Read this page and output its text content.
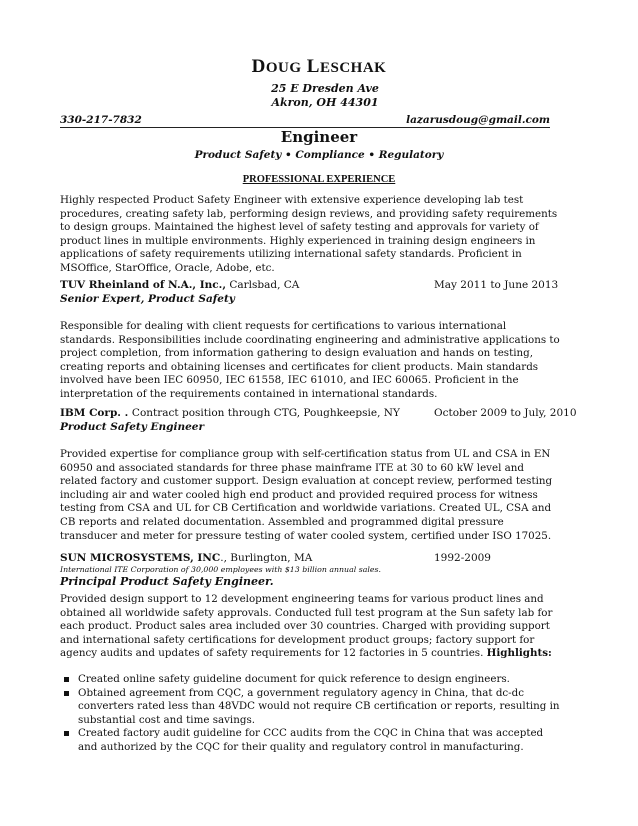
DOUG LESCHAK
25 E Dresden Ave
Akron, OH 44301
330-217-7832	lazarusdoug@gmail.com
Engineer
Product Safety • Compliance • Regulatory
PROFESSIONAL EXPERIENCE

Highly respected Product Safety Engineer with extensive experience developing lab test procedures, creating safety lab, performing design reviews, and providing safety requirements to design groups. Maintained the highest level of safety testing and approvals for variety of product lines in multiple environments. Highly experienced in training design engineers in applications of safety requirements utilizing international safety standards. Proficient in MSOffice, StarOffice, Oracle, Adobe, etc.

TUV Rheinland of N.A., Inc., Carlsbad, CA	May 2011 to June 2013
Senior Expert, Product Safety

Responsible for dealing with client requests for certifications to various international standards. Responsibilities include coordinating engineering and administrative applications to project completion, from information gathering to design evaluation and hands on testing, creating reports and obtaining licenses and certificates for client products. Main standards involved have been IEC 60950, IEC 61558, IEC 61010, and IEC 60065. Proficient in the interpretation of the requirements contained in international standards.

IBM Corp. . Contract position through CTG, Poughkeepsie, NY	October 2009 to July, 2010
Product Safety Engineer

Provided expertise for compliance group with self-certification status from UL and CSA in EN 60950 and associated standards for three phase mainframe ITE at 30 to 60 kW level and related factory and customer support. Design evaluation at concept review, performed testing including air and water cooled high end product and provided required process for witness testing from CSA and UL for CB Certification and worldwide variations. Created UL, CSA and CB reports and related documentation. Assembled and programmed digital pressure transducer and meter for pressure testing of water cooled system, certified under ISO 17025.

SUN MICROSYSTEMS, INC., Burlington, MA	1992-2009
International ITE Corporation of 30,000 employees with $13 billion annual sales.
Principal Product Safety Engineer.

Provided design support to 12 development engineering teams for various product lines and obtained all worldwide safety approvals. Conducted full test program at the Sun safety lab for each product. Product sales area included over 30 countries. Charged with providing support and international safety certifications for development product groups; factory support for agency audits and updates of safety requirements for 12 factories in 5 countries. Highlights:

Created online safety guideline document for quick reference to design engineers.
Obtained agreement from CQC, a government regulatory agency in China, that dc-dc converters rated less than 48VDC would not require CB certification or reports, resulting in substantial cost and time savings.
Created factory audit guideline for CCC audits from the CQC in China that was accepted and authorized by the CQC for their quality and regulatory control in manufacturing.
